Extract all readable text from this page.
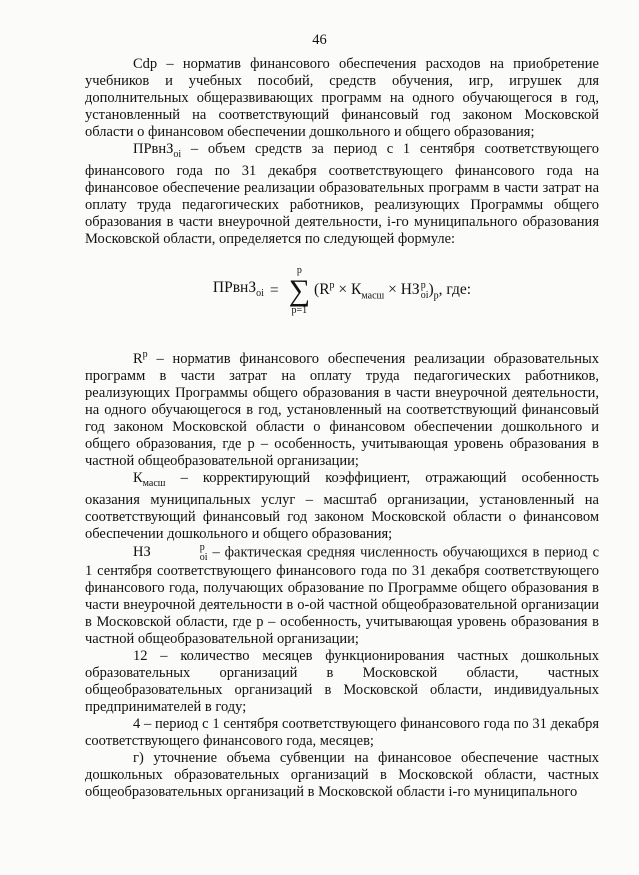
46

Cdp – норматив финансового обеспечения расходов на приобретение учебников и учебных пособий, средств обучения, игр, игрушек для дополнительных общеразвивающих программ на одного обучающегося в год, установленный на соответствующий финансовый год законом Московской области о финансовом обеспечении дошкольного и общего образования;

ПРвнЗ$_{oi}$ – объем средств за период с 1 сентября соответствующего финансового года по 31 декабря соответствующего финансового года на финансовое обеспечение реализации образовательных программ в части затрат на оплату труда педагогических работников, реализующих Программы общего образования в части внеурочной деятельности, i-го муниципального образования Московской области, определяется по следующей формуле:

ПРвнЗ$_{oi}$ =
p
∑
p=1
($R^p \times К_{масш}$ × НЗ p
oi )$_p$, где:

$R^p$ – норматив финансового обеспечения реализации образовательных программ в части затрат на оплату труда педагогических работников, реализующих Программы общего образования в части внеурочной деятельности, на одного обучающегося в год, установленный на соответствующий финансовый год законом Московской области о финансовом обеспечении дошкольного и общего образования, где p – особенность, учитывающая уровень образования в частной общеобразовательной организации;

$К_{масш}$ – корректирующий коэффициент, отражающий особенность оказания муниципальных услуг – масштаб организации, установленный на соответствующий финансовый год законом Московской области о финансовом обеспечении дошкольного и общего образования;

НЗ	p
oi – фактическая средняя численность обучающихся в период с 1 сентября соответствующего финансового года по 31 декабря соответствующего финансового года, получающих образование по Программе общего образования в части внеурочной деятельности в о-ой частной общеобразовательной организации в Московской области, где p – особенность, учитывающая уровень образования в частной общеобразовательной организации;

12 – количество месяцев функционирования частных дошкольных образовательных организаций в Московской области, частных общеобразовательных организаций в Московской области, индивидуальных предпринимателей в году;

4 – период с 1 сентября соответствующего финансового года по 31 декабря соответствующего финансового года, месяцев;

г) уточнение объема субвенции на финансовое обеспечение частных дошкольных образовательных организаций в Московской области, частных общеобразовательных организаций в Московской области i-го муниципального
